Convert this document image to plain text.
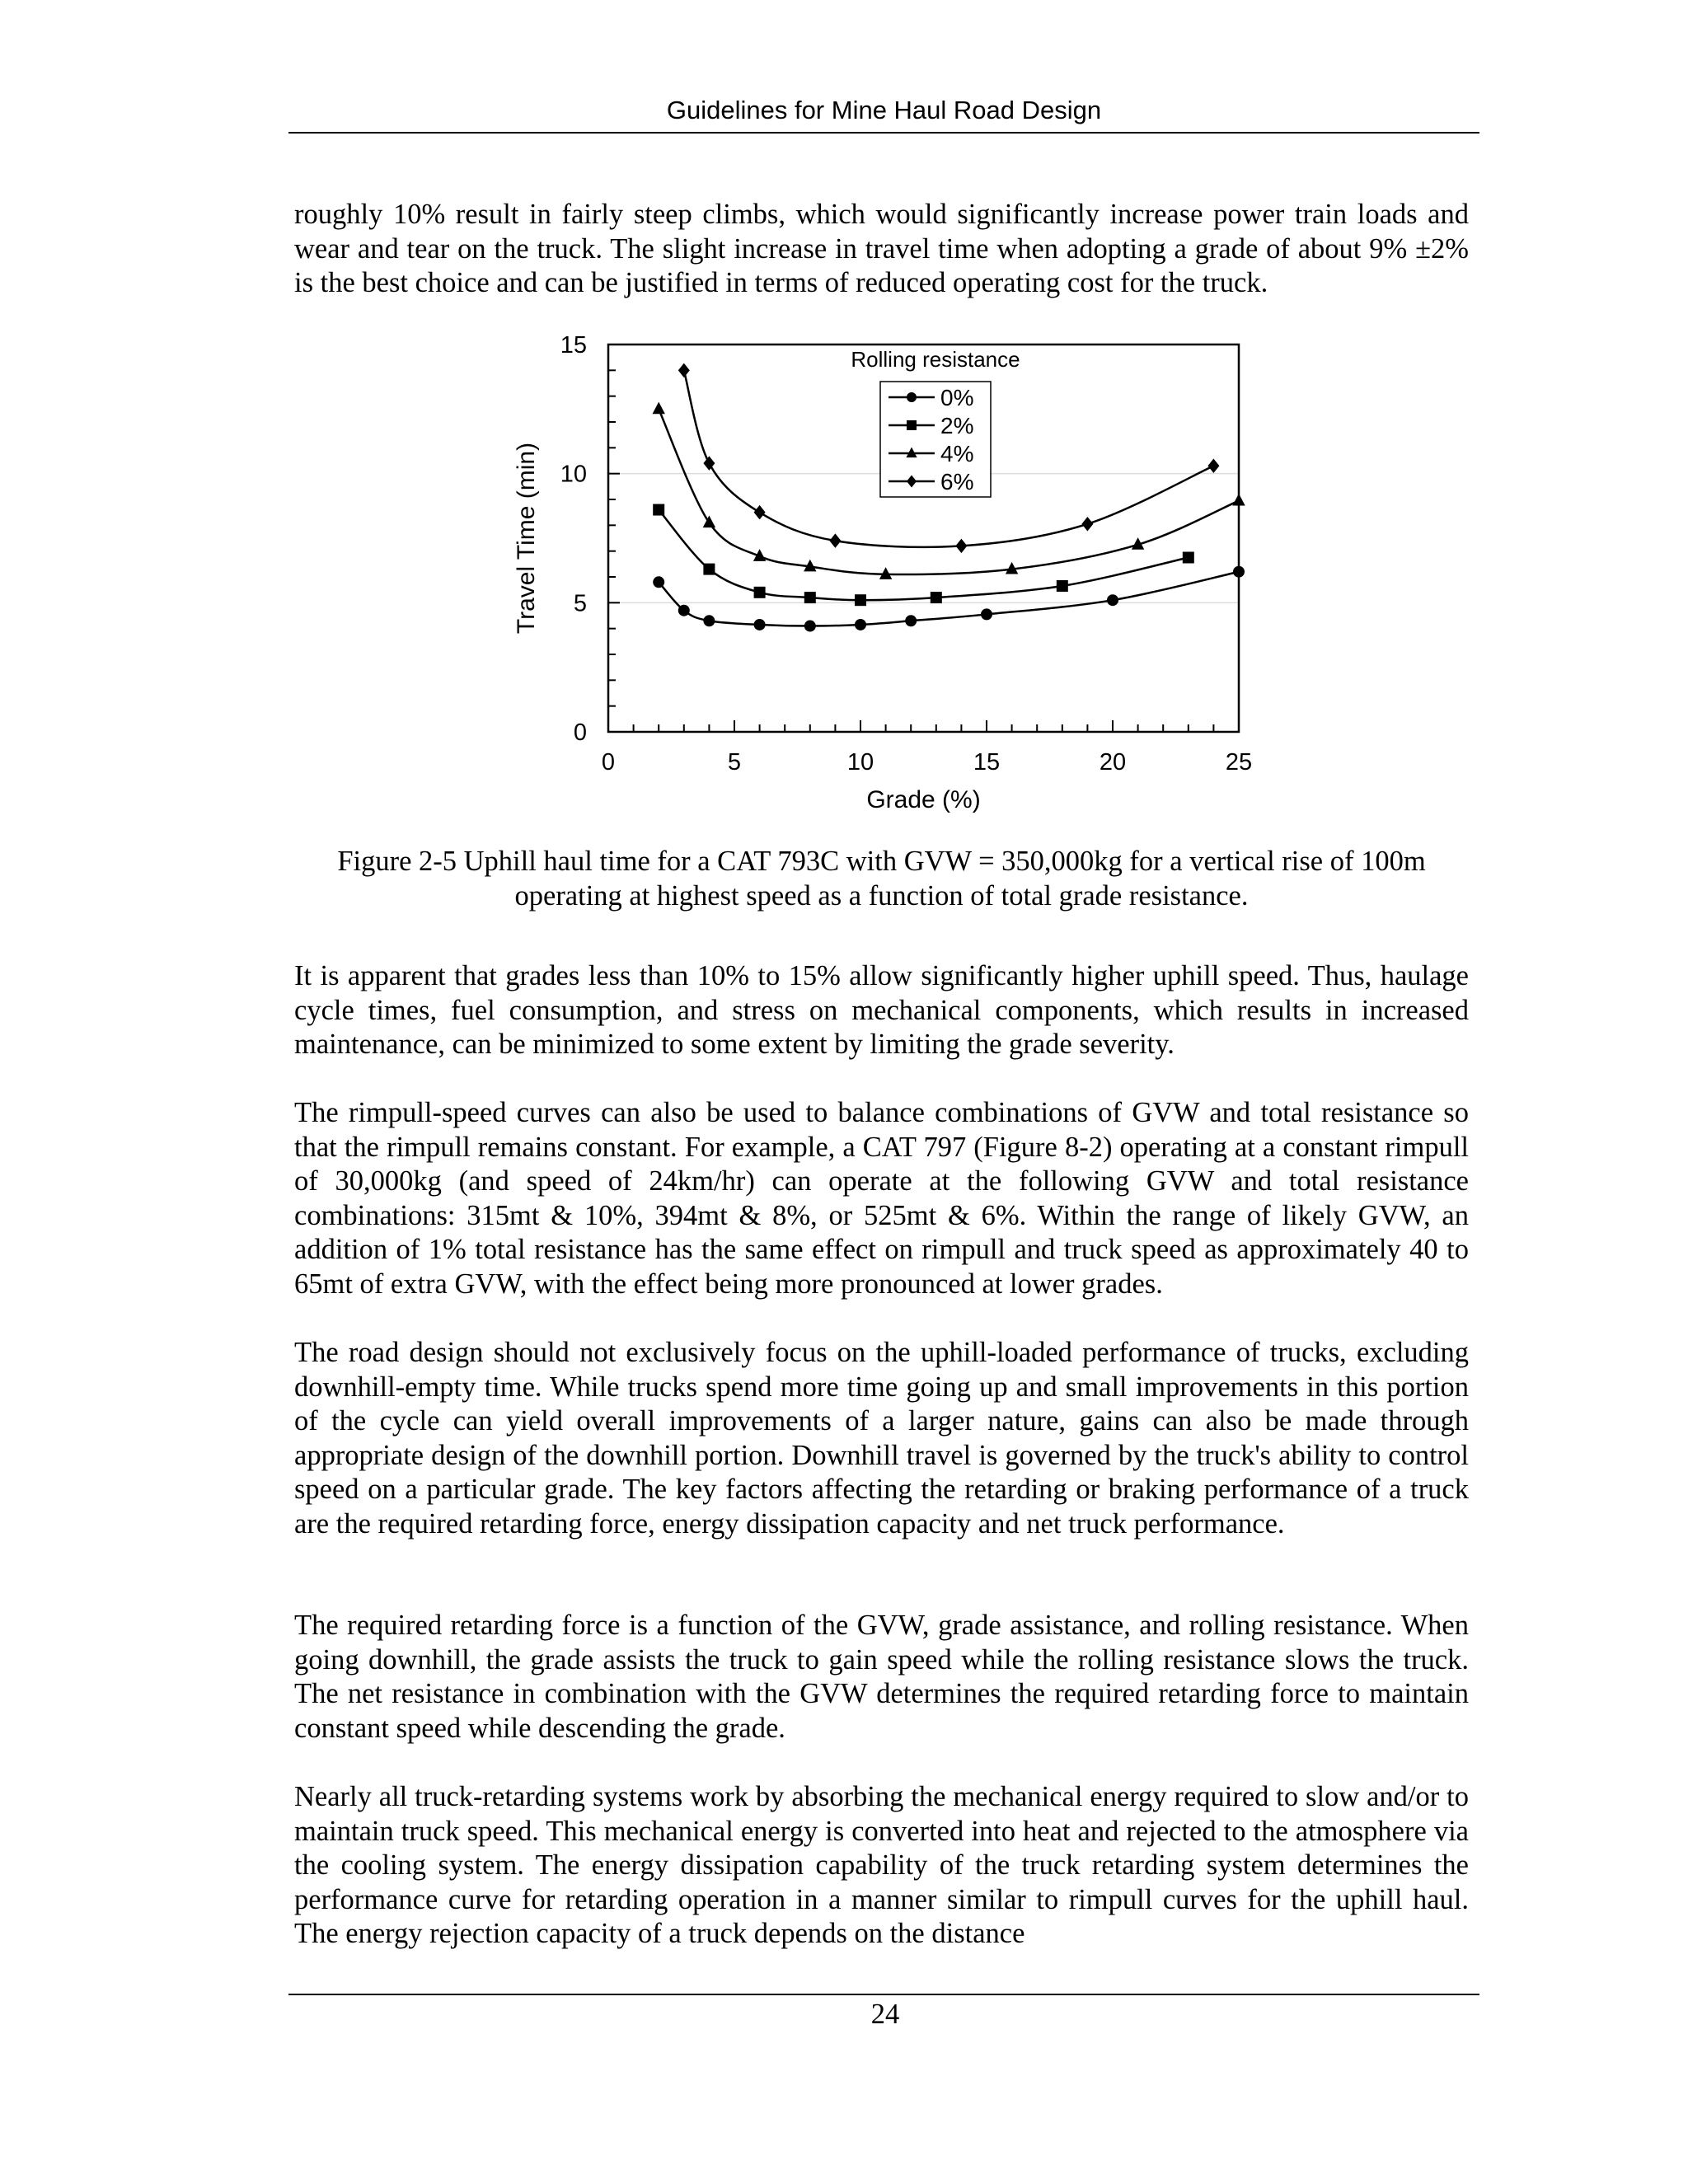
Guidelines for Mine Haul Road Design

roughly 10% result in fairly steep climbs, which would significantly increase power train loads and wear and tear on the truck. The slight increase in travel time when adopting a grade of about 9% ±2% is the best choice and can be justified in terms of reduced operating cost for the truck.

0
5
10
15
0	5	10	15	20	25
Grade (%)
Travel Time (min)
Rolling resistance
0%
2%
4%
6%

Figure 2-5 Uphill haul time for a CAT 793C with GVW = 350,000kg for a vertical rise of 100m operating at highest speed as a function of total grade resistance.

It is apparent that grades less than 10% to 15% allow significantly higher uphill speed. Thus, haulage cycle times, fuel consumption, and stress on mechanical components, which results in increased maintenance, can be minimized to some extent by limiting the grade severity.

The rimpull-speed curves can also be used to balance combinations of GVW and total resistance so that the rimpull remains constant. For example, a CAT 797 (Figure 8-2) operating at a constant rimpull of 30,000kg (and speed of 24km/hr) can operate at the following GVW and total resistance combinations: 315mt & 10%, 394mt & 8%, or 525mt & 6%. Within the range of likely GVW, an addition of 1% total resistance has the same effect on rimpull and truck speed as approximately 40 to 65mt of extra GVW, with the effect being more pronounced at lower grades.

The road design should not exclusively focus on the uphill-loaded performance of trucks, excluding downhill-empty time. While trucks spend more time going up and small improvements in this portion of the cycle can yield overall improvements of a larger nature, gains can also be made through appropriate design of the downhill portion. Downhill travel is governed by the truck's ability to control speed on a particular grade. The key factors affecting the retarding or braking performance of a truck are the required retarding force, energy dissipation capacity and net truck performance.

The required retarding force is a function of the GVW, grade assistance, and rolling resistance. When going downhill, the grade assists the truck to gain speed while the rolling resistance slows the truck. The net resistance in combination with the GVW determines the required retarding force to maintain constant speed while descending the grade.

Nearly all truck-retarding systems work by absorbing the mechanical energy required to slow and/or to maintain truck speed. This mechanical energy is converted into heat and rejected to the atmosphere via the cooling system. The energy dissipation capability of the truck retarding system determines the performance curve for retarding operation in a manner similar to rimpull curves for the uphill haul. The energy rejection capacity of a truck depends on the distance

24
